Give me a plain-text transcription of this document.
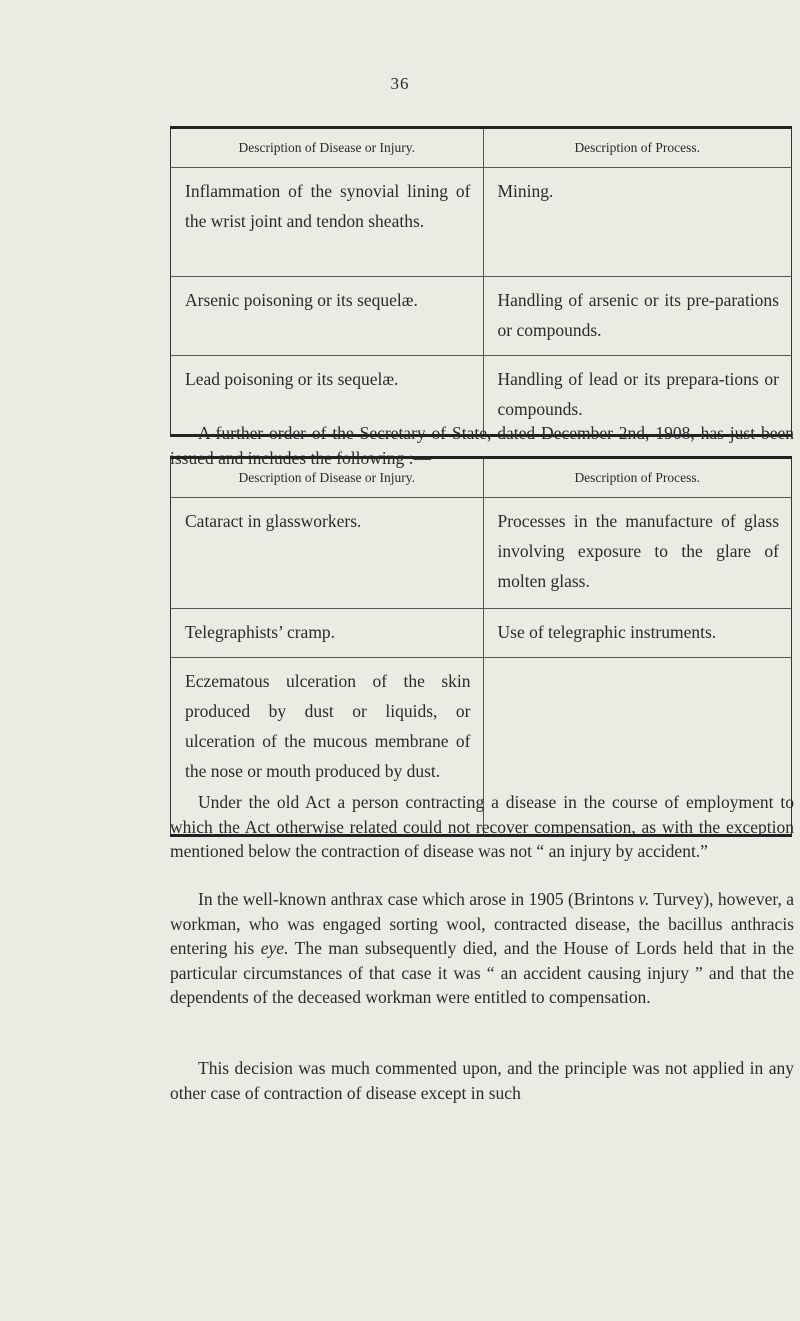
36
Description of Disease or Injury.	Description of Process.

Inflammation of the synovial lining of the wrist joint and tendon sheaths.	Mining.

Arsenic poisoning or its sequelæ.	Handling of arsenic or its pre-parations or compounds.

Lead poisoning or its sequelæ.	Handling of lead or its prepara-tions or compounds.

A further order of the Secretary of State, dated December 2nd, 1908, has just been issued and includes the following :—

Description of Disease or Injury.	Description of Process.

Cataract in glassworkers.	Processes in the manufacture of glass involving exposure to the glare of molten glass.

Telegraphists’ cramp.	Use of telegraphic instruments.

Eczematous ulceration of the skin produced by dust or liquids, or ulceration of the mucous membrane of the nose or mouth produced by dust.	

Under the old Act a person contracting a disease in the course of employment to which the Act otherwise related could not recover compensation, as with the exception mentioned below the contraction of disease was not “ an injury by accident.”

In the well-known anthrax case which arose in 1905 (Brintons v. Turvey), however, a workman, who was engaged sorting wool, contracted disease, the bacillus anthracis entering his eye. The man subsequently died, and the House of Lords held that in the particular circumstances of that case it was “ an accident causing injury ” and that the dependents of the deceased workman were entitled to compensation.

This decision was much commented upon, and the principle was not applied in any other case of contraction of disease except in such
